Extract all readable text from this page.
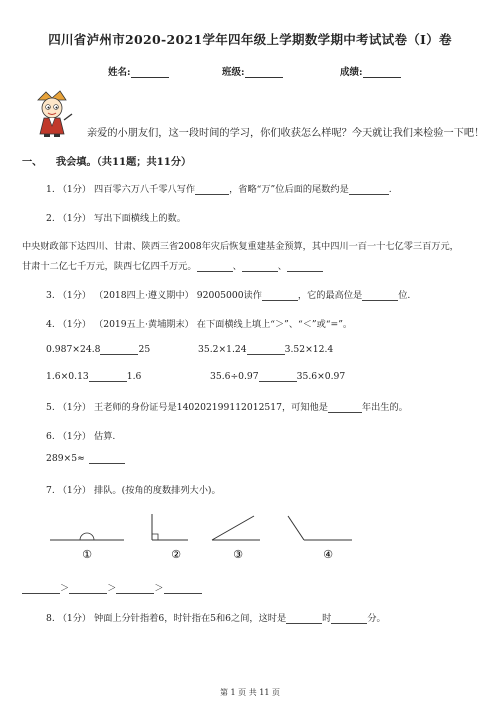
四川省泸州市2020-2021学年四年级上学期数学期中考试试卷（I）卷
姓名:	班级:	成绩:
亲爱的小朋友们，这一段时间的学习，你们收获怎么样呢？今天就让我们来检验一下吧！
一、 我会填。（共11题；共11分）
1. （1分） 四百零六万八千零八写作	，省略“万”位后面的尾数约是	.
2. （1分） 写出下面横线上的数。
中央财政部下达四川、甘肃、陕西三省2008年灾后恢复重建基金预算，其中四川一百一十七亿零三百万元，
甘肃十二亿七千万元，陕西七亿四千万元。	、	、
3. （1分） （2018四上·遵义期中） 92005000读作	，它的最高位是	位.
4. （1分） （2019五上·黄埔期末） 在下面横线上填上“＞”、“＜”或“=”。
0.987×24.8	25	35.2×1.24	3.52×12.4
1.6×0.13	1.6	35.6÷0.97	35.6×0.97
5. （1分） 王老师的身份证号是140202199112012517，可知他是	年出生的。
6. （1分） 估算.
289×5≈
7. （1分） 排队。(按角的度数排列大小)。
①	②	③	④
＞	＞	＞
8. （1分） 钟面上分针指着6，时针指在5和6之间，这时是	时	分。
第 1 页 共 11 页
